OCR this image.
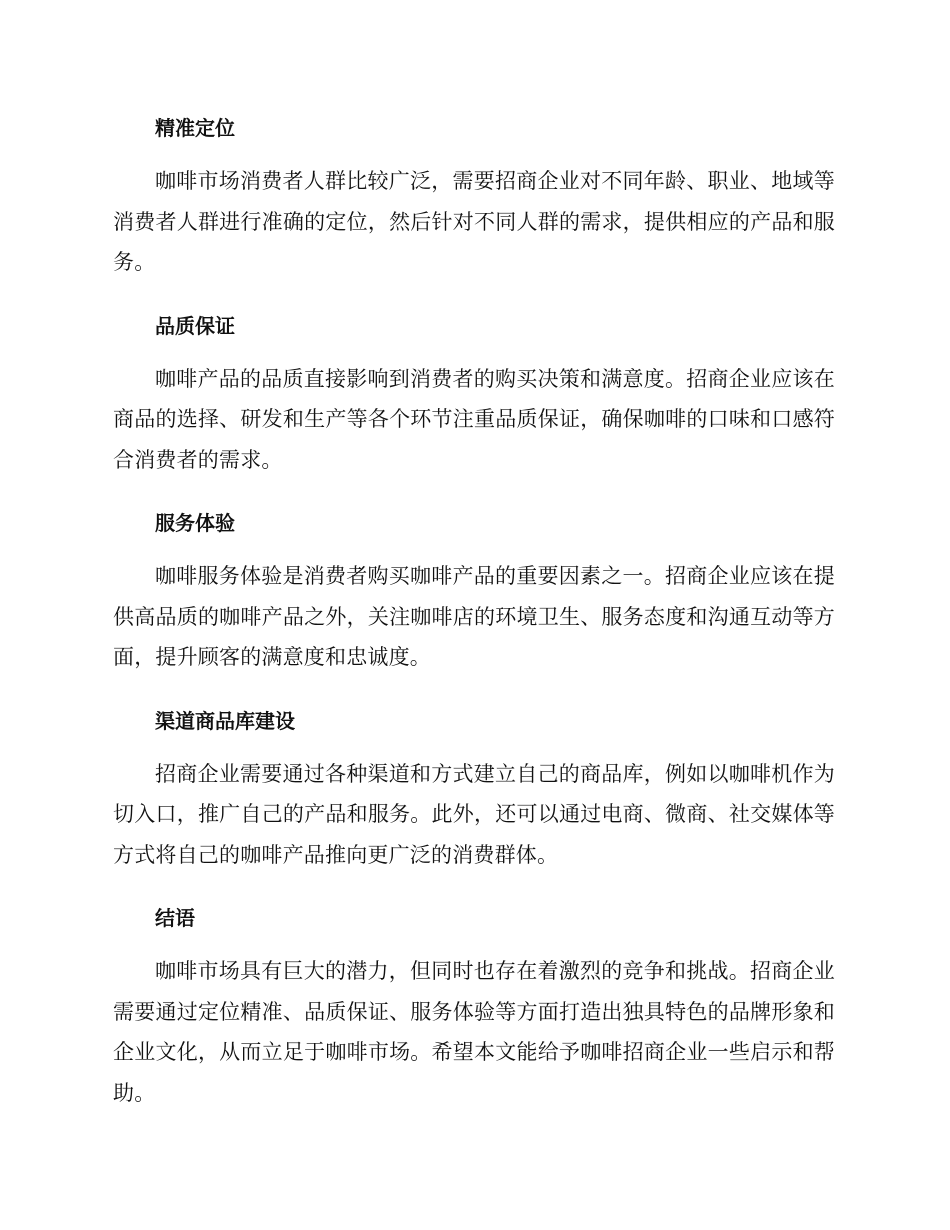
精准定位

咖啡市场消费者人群比较广泛，需要招商企业对不同年龄、职业、地域等消费者人群进行准确的定位，然后针对不同人群的需求，提供相应的产品和服务。

品质保证

咖啡产品的品质直接影响到消费者的购买决策和满意度。招商企业应该在商品的选择、研发和生产等各个环节注重品质保证，确保咖啡的口味和口感符合消费者的需求。

服务体验

咖啡服务体验是消费者购买咖啡产品的重要因素之一。招商企业应该在提供高品质的咖啡产品之外，关注咖啡店的环境卫生、服务态度和沟通互动等方面，提升顾客的满意度和忠诚度。

渠道商品库建设

招商企业需要通过各种渠道和方式建立自己的商品库，例如以咖啡机作为切入口，推广自己的产品和服务。此外，还可以通过电商、微商、社交媒体等方式将自己的咖啡产品推向更广泛的消费群体。

结语

咖啡市场具有巨大的潜力，但同时也存在着激烈的竞争和挑战。招商企业需要通过定位精准、品质保证、服务体验等方面打造出独具特色的品牌形象和企业文化，从而立足于咖啡市场。希望本文能给予咖啡招商企业一些启示和帮助。
